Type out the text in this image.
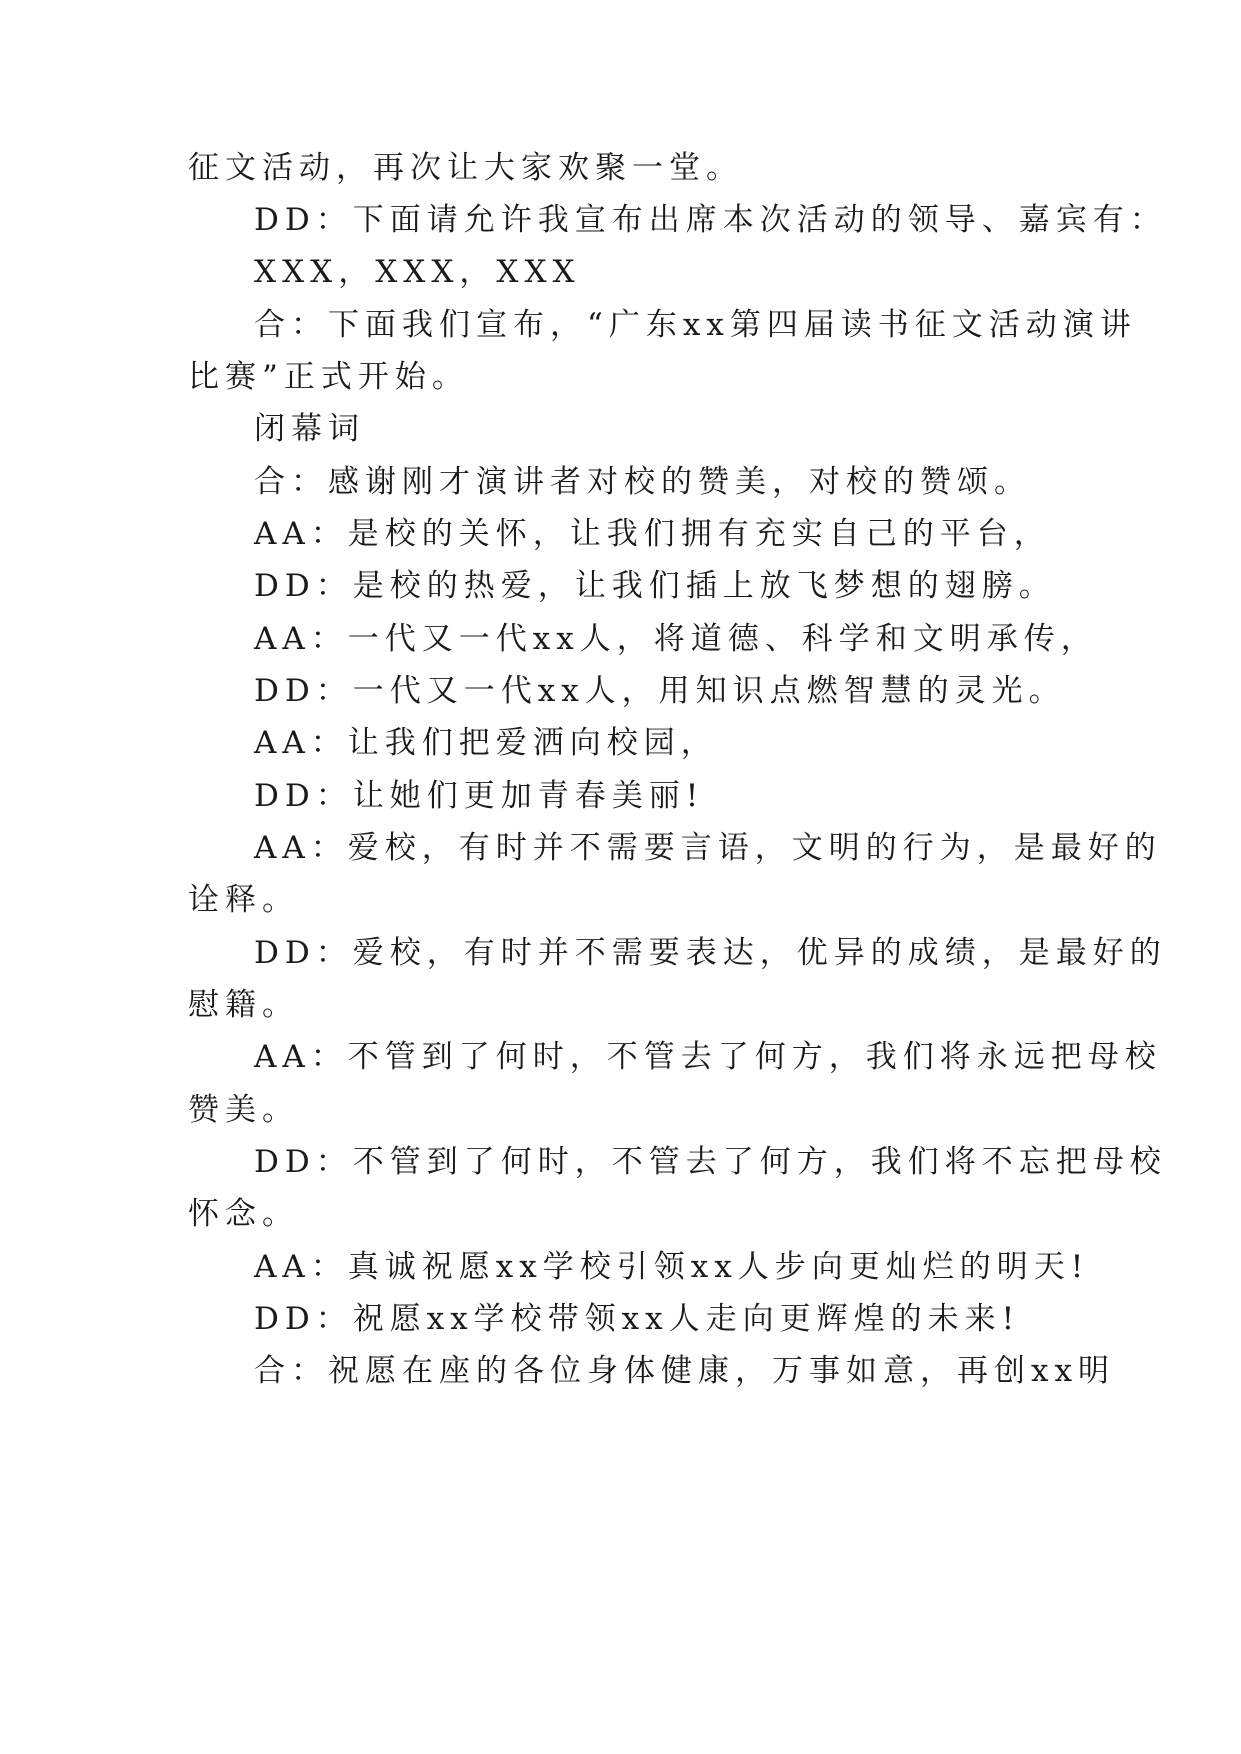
征文活动，再次让大家欢聚一堂。
DD：下面请允许我宣布出席本次活动的领导、嘉宾有：
XXX，XXX，XXX
合：下面我们宣布，“广东xx第四届读书征文活动演讲
比赛”正式开始。
闭幕词
合：感谢刚才演讲者对校的赞美，对校的赞颂。
AA：是校的关怀，让我们拥有充实自己的平台，
DD：是校的热爱，让我们插上放飞梦想的翅膀。
AA：一代又一代xx人，将道德、科学和文明承传，
DD：一代又一代xx人，用知识点燃智慧的灵光。
AA：让我们把爱洒向校园，
DD：让她们更加青春美丽!
AA：爱校，有时并不需要言语，文明的行为，是最好的
诠释。
DD：爱校，有时并不需要表达，优异的成绩，是最好的
慰籍。
AA：不管到了何时，不管去了何方，我们将永远把母校
赞美。
DD：不管到了何时，不管去了何方，我们将不忘把母校
怀念。
AA：真诚祝愿xx学校引领xx人步向更灿烂的明天!
DD：祝愿xx学校带领xx人走向更辉煌的未来!
合：祝愿在座的各位身体健康，万事如意，再创xx明
